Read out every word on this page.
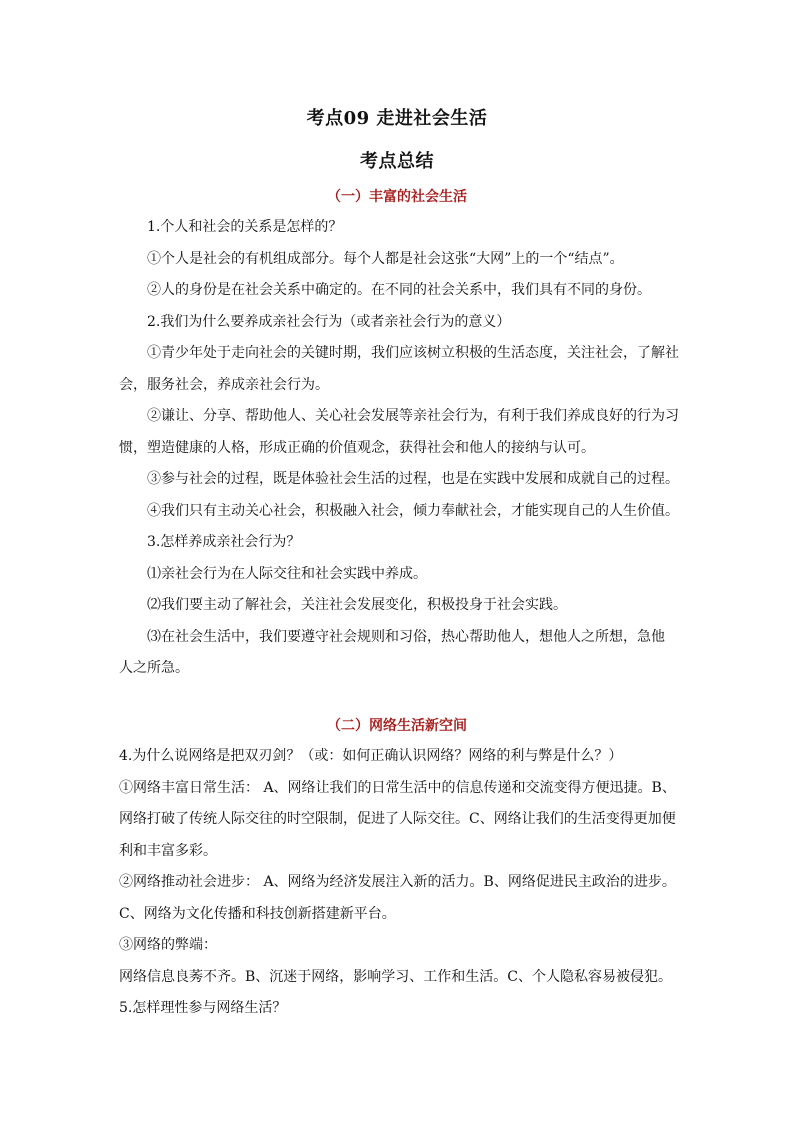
考点09 走进社会生活
考点总结
（一）丰富的社会生活
1.个人和社会的关系是怎样的？
①个人是社会的有机组成部分。每个人都是社会这张“大网”上的一个“结点”。
②人的身份是在社会关系中确定的。在不同的社会关系中，我们具有不同的身份。
2.我们为什么要养成亲社会行为（或者亲社会行为的意义）
①青少年处于走向社会的关键时期，我们应该树立积极的生活态度，关注社会，了解社
会，服务社会，养成亲社会行为。
②谦让、分享、帮助他人、关心社会发展等亲社会行为，有利于我们养成良好的行为习
惯，塑造健康的人格，形成正确的价值观念，获得社会和他人的接纳与认可。
③参与社会的过程，既是体验社会生活的过程，也是在实践中发展和成就自己的过程。
④我们只有主动关心社会，积极融入社会，倾力奉献社会，才能实现自己的人生价值。
3.怎样养成亲社会行为？
⑴亲社会行为在人际交往和社会实践中养成。
⑵我们要主动了解社会，关注社会发展变化，积极投身于社会实践。
⑶在社会生活中，我们要遵守社会规则和习俗，热心帮助他人，想他人之所想，急他
人之所急。
（二）网络生活新空间
4.为什么说网络是把双刃剑？（或：如何正确认识网络？网络的利与弊是什么？）
①网络丰富日常生活： A、网络让我们的日常生活中的信息传递和交流变得方便迅捷。B、
网络打破了传统人际交往的时空限制，促进了人际交往。C、网络让我们的生活变得更加便
利和丰富多彩。
②网络推动社会进步： A、网络为经济发展注入新的活力。B、网络促进民主政治的进步。
C、网络为文化传播和科技创新搭建新平台。
③网络的弊端：
网络信息良莠不齐。B、沉迷于网络，影响学习、工作和生活。C、个人隐私容易被侵犯。
5.怎样理性参与网络生活？
